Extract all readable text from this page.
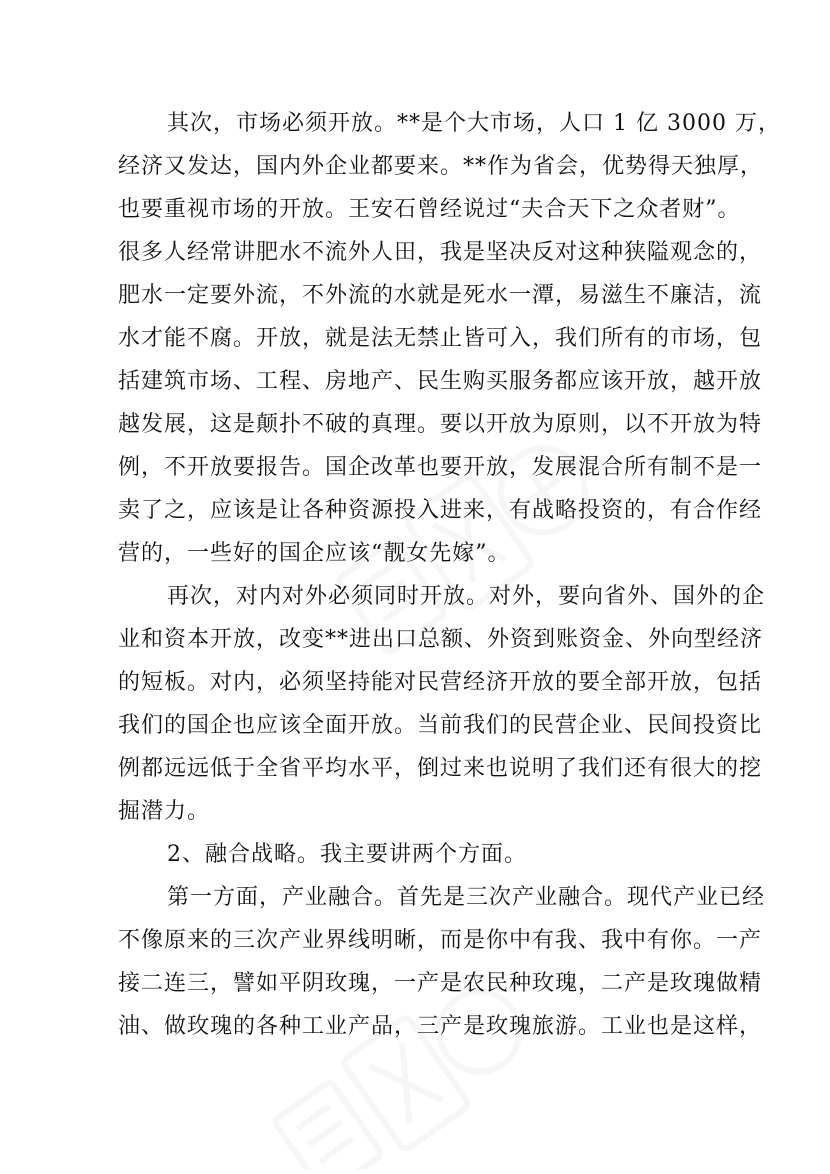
其次，市场必须开放。**是个大市场，人口 1 亿 3000 万，
经济又发达，国内外企业都要来。**作为省会，优势得天独厚，
也要重视市场的开放。王安石曾经说过“夫合天下之众者财”。
很多人经常讲肥水不流外人田，我是坚决反对这种狭隘观念的，
肥水一定要外流，不外流的水就是死水一潭，易滋生不廉洁，流
水才能不腐。开放，就是法无禁止皆可入，我们所有的市场，包
括建筑市场、工程、房地产、民生购买服务都应该开放，越开放
越发展，这是颠扑不破的真理。要以开放为原则，以不开放为特
例，不开放要报告。国企改革也要开放，发展混合所有制不是一
卖了之，应该是让各种资源投入进来，有战略投资的，有合作经
营的，一些好的国企应该“靓女先嫁”。
再次，对内对外必须同时开放。对外，要向省外、国外的企
业和资本开放，改变**进出口总额、外资到账资金、外向型经济
的短板。对内，必须坚持能对民营经济开放的要全部开放，包括
我们的国企也应该全面开放。当前我们的民营企业、民间投资比
例都远远低于全省平均水平，倒过来也说明了我们还有很大的挖
掘潜力。
2、融合战略。我主要讲两个方面。
第一方面，产业融合。首先是三次产业融合。现代产业已经
不像原来的三次产业界线明晰，而是你中有我、我中有你。一产
接二连三，譬如平阴玫瑰，一产是农民种玫瑰，二产是玫瑰做精
油、做玫瑰的各种工业产品，三产是玫瑰旅游。工业也是这样，
